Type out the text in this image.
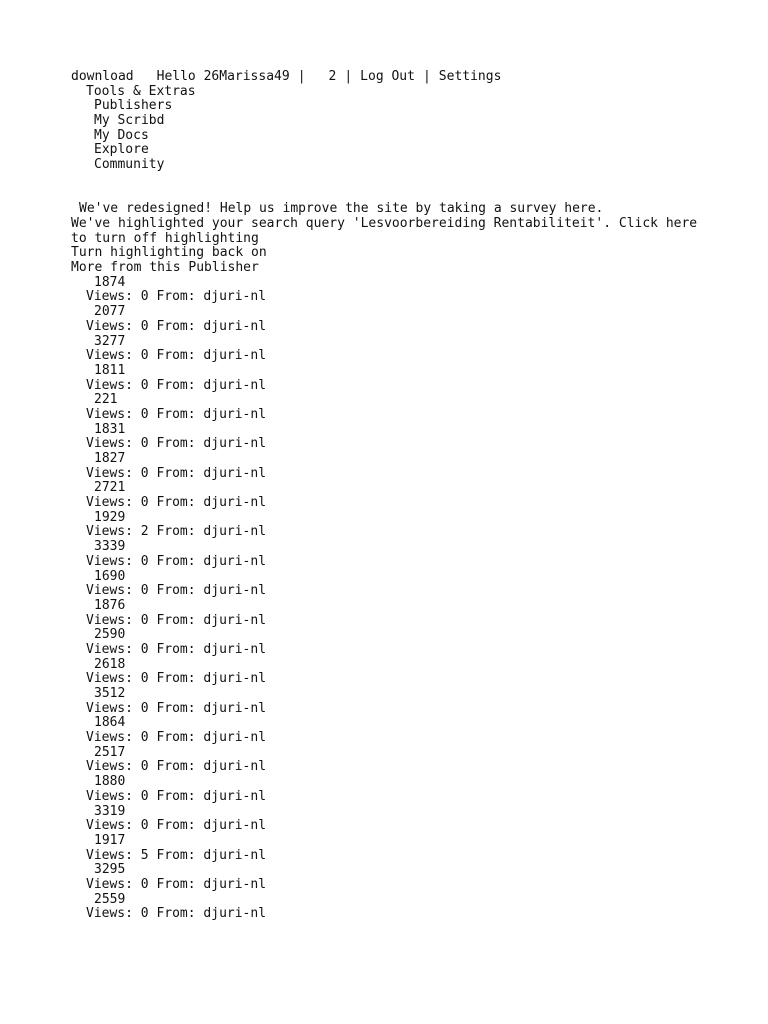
download Hello 26Marissa49 | 2 | Log Out | Settings
Tools & Extras
Publishers
My Scribd
My Docs
Explore
Community
We've redesigned! Help us improve the site by taking a survey here.
We've highlighted your search query 'Lesvoorbereiding Rentabiliteit'. Click here
to turn off highlighting
Turn highlighting back on
More from this Publisher
1874
Views: 0 From: djuri-nl
2077
Views: 0 From: djuri-nl
3277
Views: 0 From: djuri-nl
1811
Views: 0 From: djuri-nl
221
Views: 0 From: djuri-nl
1831
Views: 0 From: djuri-nl
1827
Views: 0 From: djuri-nl
2721
Views: 0 From: djuri-nl
1929
Views: 2 From: djuri-nl
3339
Views: 0 From: djuri-nl
1690
Views: 0 From: djuri-nl
1876
Views: 0 From: djuri-nl
2590
Views: 0 From: djuri-nl
2618
Views: 0 From: djuri-nl
3512
Views: 0 From: djuri-nl
1864
Views: 0 From: djuri-nl
2517
Views: 0 From: djuri-nl
1880
Views: 0 From: djuri-nl
3319
Views: 0 From: djuri-nl
1917
Views: 5 From: djuri-nl
3295
Views: 0 From: djuri-nl
2559
Views: 0 From: djuri-nl
